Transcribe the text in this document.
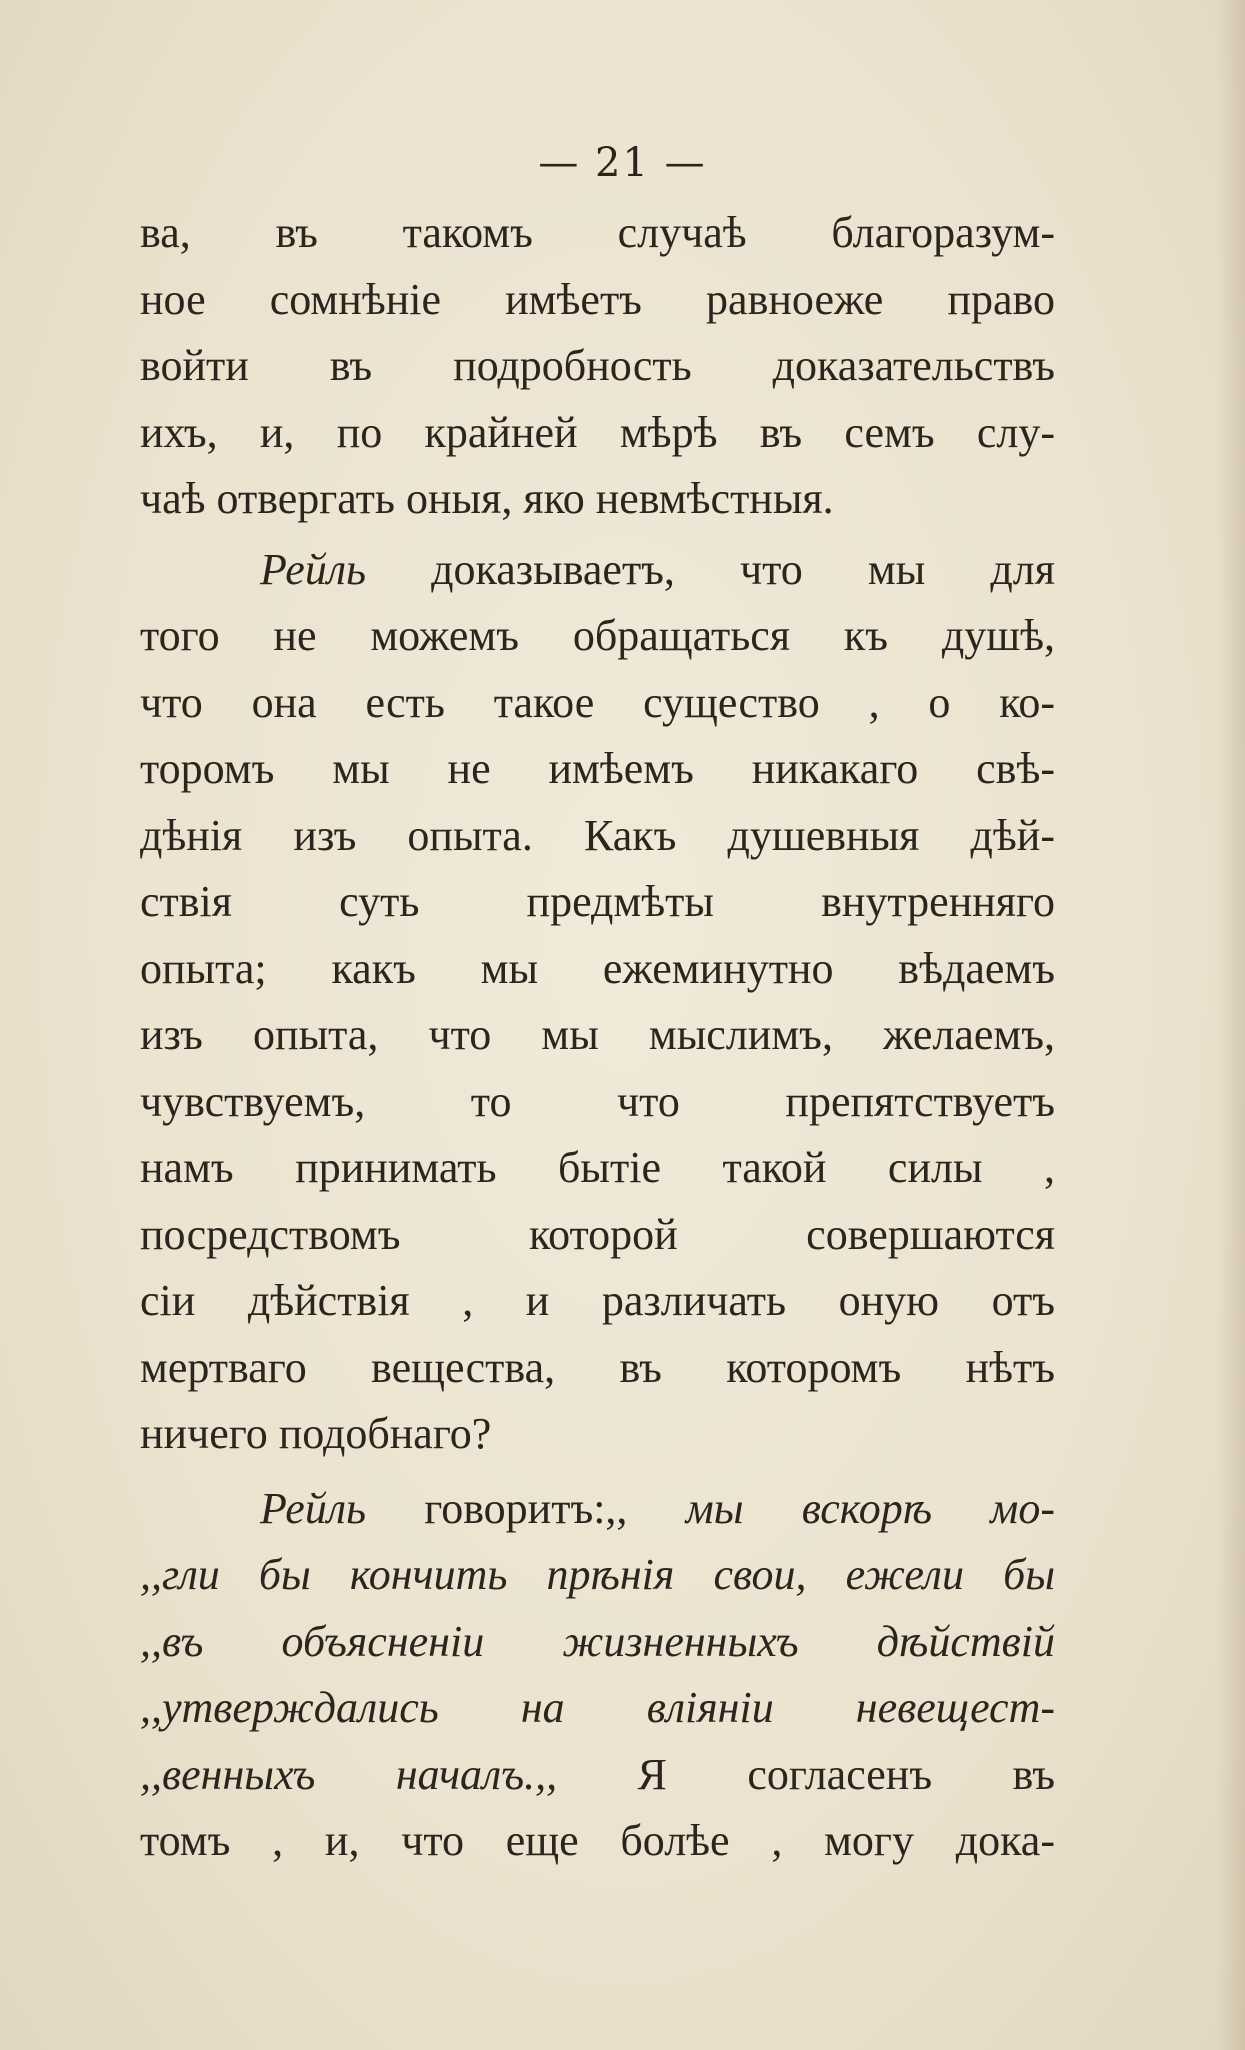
— 21 —
ва, въ такомъ случаѣ благоразум-
ное сомнѣніе имѣетъ равноеже право
войти въ подробность доказательствъ
ихъ, и, по крайней мѣрѣ въ семъ слу-
чаѣ отвергать оныя, яко невмѣстныя.
Рейль доказываетъ, что мы для
того не можемъ обращаться къ душѣ,
что она есть такое существо , о ко-
торомъ мы не имѣемъ никакаго свѣ-
дѣнія изъ опыта. Какъ душевныя дѣй-
ствія суть предмѣты внутренняго
опыта; какъ мы ежеминутно вѣдаемъ
изъ опыта, что мы мыслимъ, желаемъ,
чувствуемъ, то что препятствуетъ
намъ принимать бытіе такой силы ,
посредствомъ которой совершаются
сіи дѣйствія , и различать оную отъ
мертваго вещества, въ которомъ нѣтъ
ничего подобнаго?
Рейль говоритъ:,, мы вскорѣ мо-
,,гли бы кончить прѣнія свои, ежели бы
,,въ объясненіи жизненныхъ дѣйствій
,,утверждались на вліяніи невещест-
,,венныхъ началъ.,, Я согласенъ въ
томъ , и, что еще болѣе , могу дока-
